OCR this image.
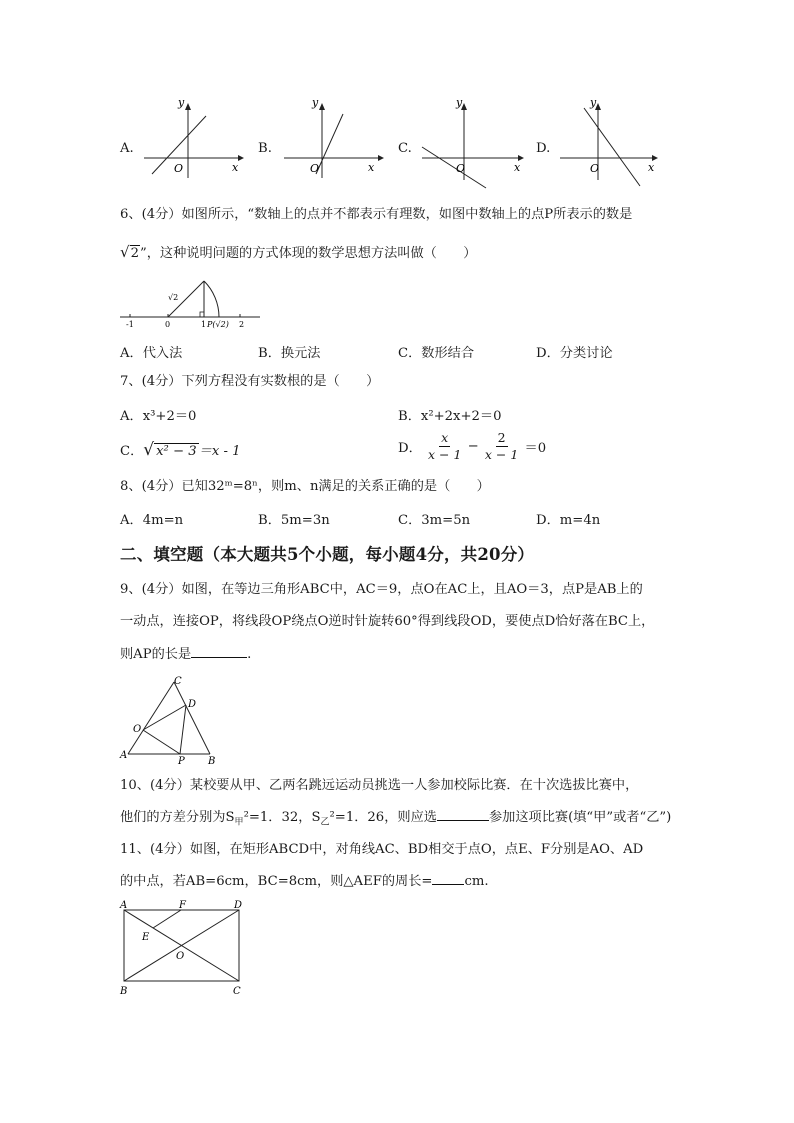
A.
y
x
O
B.
y
x
O
C.
y
x
O
D.
y
x
O
6、(4分）如图所示，“数轴上的点并不都表示有理数，如图中数轴上的点P所表示的数是
√2”，这种说明问题的方式体现的数学思想方法叫做（　　）
-1	0	1	2
√2
P(√2)
A．代入法	B．换元法	C．数形结合	D．分类讨论
7、(4分）下列方程没有实数根的是（　　）
A．x³+2＝0	B．x²+2x+2＝0
C．√ x² − 3 ＝x - 1	D． $\frac{x}{x - 1} - \frac{2}{x - 1} =0$
8、(4分）已知32ᵐ=8ⁿ，则m、n满足的关系正确的是（　　）
A．4m=n	B．5m=3n	C．3m=5n	D．m=4n
二、填空题（本大题共5个小题，每小题4分，共20分）
9、(4分）如图，在等边三角形ABC中，AC＝9，点O在AC上，且AO＝3，点P是AB上的
一动点，连接OP，将线段OP绕点O逆时针旋转60°得到线段OD，要使点D恰好落在BC上，
则AP的长是	.
C
D
O
A
P B
10、(4分）某校要从甲、乙两名跳远运动员挑选一人参加校际比赛．在十次选拔比赛中，
他们的方差分别为$S_甲^2=1$．32，$S_乙^2=1$．26，则应选	参加这项比赛(填“甲”或者“乙”)
11、(4分）如图，在矩形ABCD中，对角线AC、BD相交于点O，点E、F分别是AO、AD
的中点，若AB=6cm，BC=8cm，则△AEF的周长= cm.
A	F	D
E
O
B	C
